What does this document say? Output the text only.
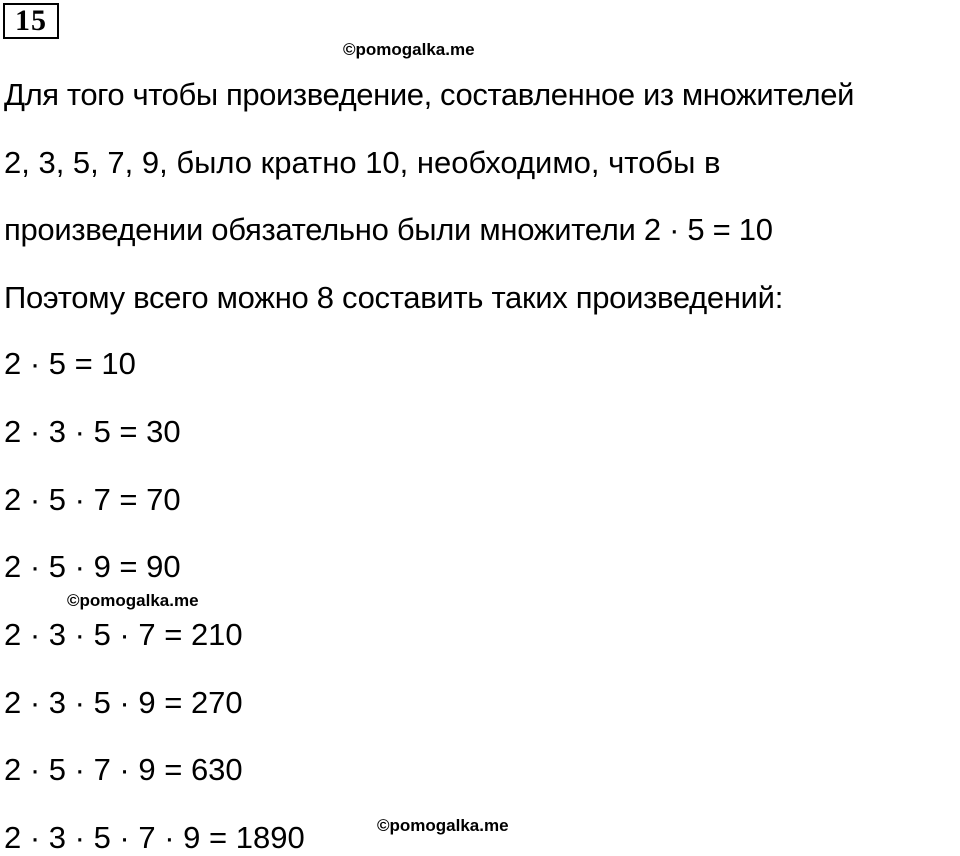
15
©pomogalka.me
©pomogalka.me
©pomogalka.me
Для того чтобы произведение, составленное из множителей
2, 3, 5, 7, 9, было кратно 10, необходимо, чтобы в
произведении обязательно были множители 2 · 5 = 10
Поэтому всего можно 8 составить таких произведений:
2 · 5 = 10
2 · 3 · 5 = 30
2 · 5 · 7 = 70
2 · 5 · 9 = 90
2 · 3 · 5 · 7 = 210
2 · 3 · 5 · 9 = 270
2 · 5 · 7 · 9 = 630
2 · 3 · 5 · 7 · 9 = 1890
